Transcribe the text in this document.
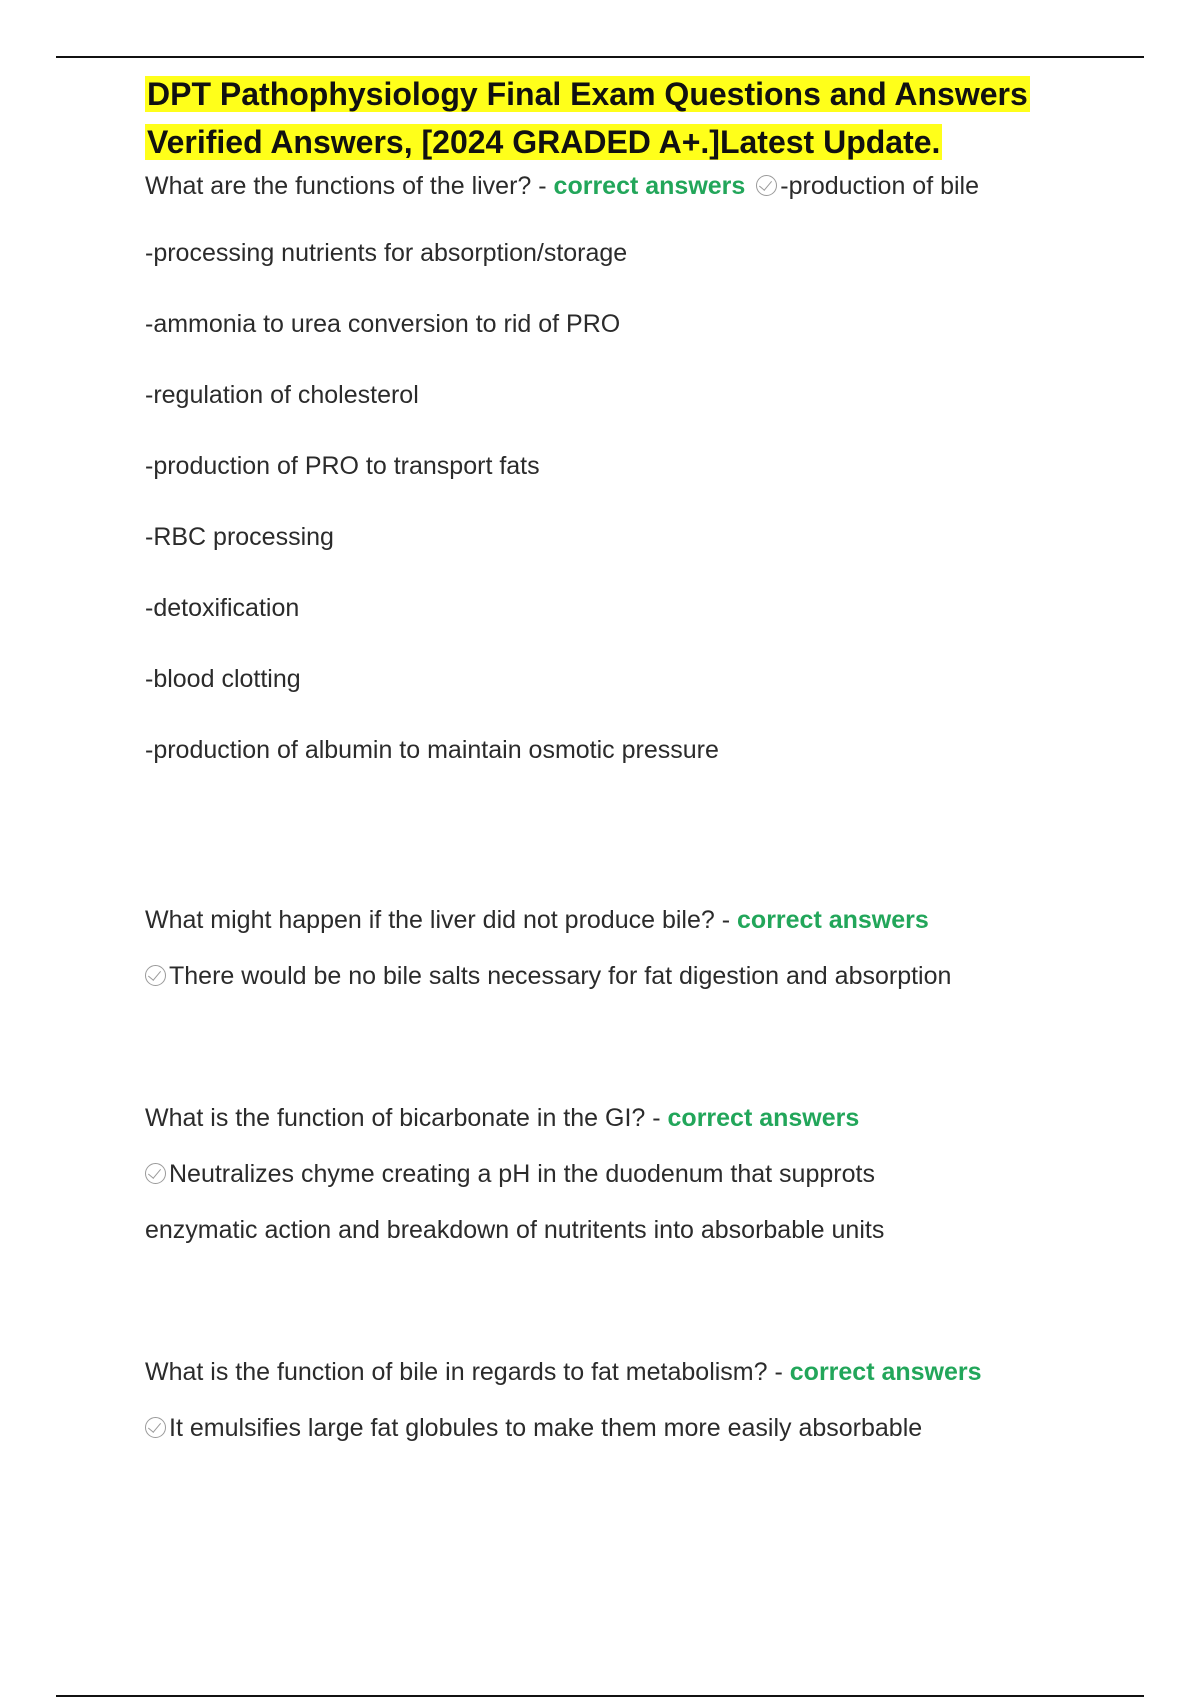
DPT Pathophysiology Final Exam Questions and Answers
Verified Answers, [2024 GRADED A+.]Latest Update.

What are the functions of the liver? - correct answers -production of bile

-processing nutrients for absorption/storage

-ammonia to urea conversion to rid of PRO

-regulation of cholesterol

-production of PRO to transport fats

-RBC processing

-detoxification

-blood clotting

-production of albumin to maintain osmotic pressure

What might happen if the liver did not produce bile? - correct answers

There would be no bile salts necessary for fat digestion and absorption

What is the function of bicarbonate in the GI? - correct answers

Neutralizes chyme creating a pH in the duodenum that supprots

enzymatic action and breakdown of nutritents into absorbable units

What is the function of bile in regards to fat metabolism? - correct answers

It emulsifies large fat globules to make them more easily absorbable
